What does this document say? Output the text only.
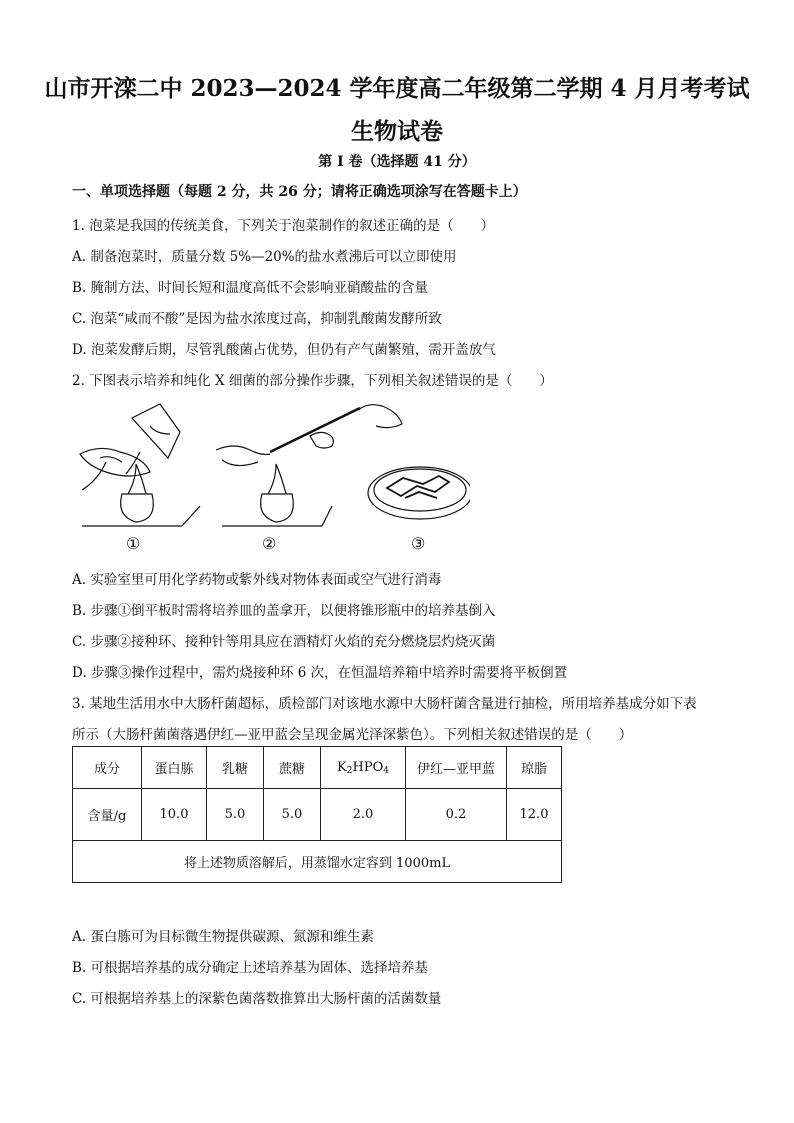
山市开滦二中 2023—2024 学年度高二年级第二学期 4 月月考考试
生物试卷
第 I 卷（选择题 41 分）
一、单项选择题（每题 2 分，共 26 分；请将正确选项涂写在答题卡上）
1. 泡菜是我国的传统美食，下列关于泡菜制作的叙述正确的是（　　）
A. 制备泡菜时，质量分数 5%—20%的盐水煮沸后可以立即使用
B. 腌制方法、时间长短和温度高低不会影响亚硝酸盐的含量
C. 泡菜“咸而不酸”是因为盐水浓度过高，抑制乳酸菌发酵所致
D. 泡菜发酵后期，尽管乳酸菌占优势，但仍有产气菌繁殖，需开盖放气
2. 下图表示培养和纯化 X 细菌的部分操作步骤，下列相关叙述错误的是（　　）
①	②	③
A. 实验室里可用化学药物或紫外线对物体表面或空气进行消毒
B. 步骤①倒平板时需将培养皿的盖拿开，以便将锥形瓶中的培养基倒入
C. 步骤②接种环、接种针等用具应在酒精灯火焰的充分燃烧层灼烧灭菌
D. 步骤③操作过程中，需灼烧接种环 6 次，在恒温培养箱中培养时需要将平板倒置
3. 某地生活用水中大肠杆菌超标，质检部门对该地水源中大肠杆菌含量进行抽检，所用培养基成分如下表
所示（大肠杆菌菌落遇伊红—亚甲蓝会呈现金属光泽深紫色）。下列相关叙述错误的是（　　）
成分	蛋白胨	乳糖	蔗糖	K2HPO4	伊红—亚甲蓝	琼脂
含量/g	10.0	5.0	5.0	2.0	0.2	12.0
将上述物质溶解后，用蒸馏水定容到 1000mL						
A. 蛋白胨可为目标微生物提供碳源、氮源和维生素
B. 可根据培养基的成分确定上述培养基为固体、选择培养基
C. 可根据培养基上的深紫色菌落数推算出大肠杆菌的活菌数量
